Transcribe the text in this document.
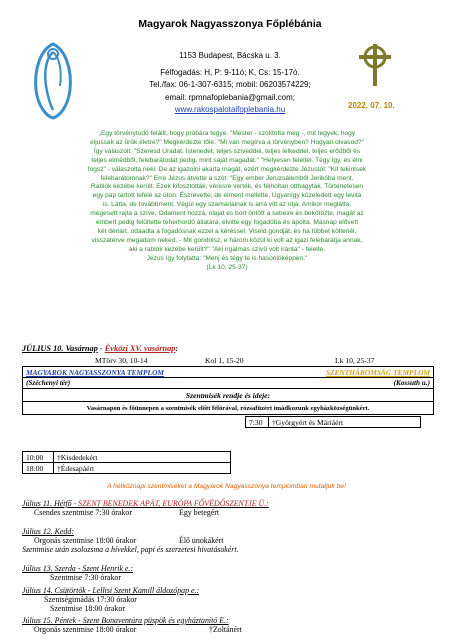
Magyarok Nagyasszonya Főplébánia
1153 Budapest, Bácska u. 3.
Félfogadás: H, P: 9-11ó; K, Cs: 15-17ó.
Tel./fax: 06-1-307-6315; mobil: 06203574229;
email: rpmnafoplebania@gmail.com;
www.rakospalotaifoplebania.hu	2022. 07. 10.
„Egy törvénytudó felállt, hogy próbára tegye. "Mester - szólította meg -, mit tegyek, hogy
eljussak az örök életre?" Megkérdezte tőle: "Mi van megírva a törvényben? Hogyan olvasod?"
Így válaszolt: "Szeresd Uradat, Istenedet, teljes szíveddel, teljes lelkeddel, teljes erődből és
teljes elmédből, felebarátodat pedig, mint saját magadat." "Helyesen feleltél. Tégy így, és élni
fogsz" - válaszolta neki. De az igazolni akarta magát, ezért megkérdezte Jézustól: "Kit tekintsek
felebarátomnak?" Erre Jézus átvette a szót: "Egy ember Jeruzsálemből Jerikóba ment.
Rablók kezébe került. Ezek kifosztották, véresre verték, és félholtan otthagyták. Történetesen
egy pap tartott lefelé az úton. Észrevette, de elment mellette. Ugyanígy közeledett egy levita
is. Látta, de továbbment. Végül egy szamariainak is arra vitt az útja. Amikor meglátta,
megesett rajta a szíve. Odament hozzá, olajat és bort öntött a sebeire és bekötözte, magát az
embert pedig felültette teherhordó állatára, elvitte egy fogadóba és ápolta. Másnap elővett
két dénárt, odaadta a fogadósnak ezzel a kéréssel: Viseld gondját, és ha többet költenél,
visszatérve megadom neked. - Mit gondolsz, e három közül ki volt az igazi felebarátja annak,
aki a rablók kezébe került?" "Aki irgalmas szívű volt iránta" - felelte.
Jézus így folytatta: "Menj és tégy te is hasonlóképpen."
(Lk 10, 25-37)
JÚLIUS 10. Vasárnap - Évközi XV. vasárnap:
MTörv 30, 10-14	Kol 1, 15-20	Lk 10, 25-37
MAGYAROK NAGYASSZONYA TEMPLOM	SZENTHÁROMSÁG TEMPLOM
(Széchenyi tér)	(Kossuth u.)
Szentmisék rendje és ideje:	
Vasárnapon és főünnepen a szentmisék előtt félórával, rózsafüzért imádkozunk egyházközségünkért.	
7:30	†Györgyért és Máriáért
10:00	†Kisdedekért
18:00	†Édesapáért
A hétköznapi szentmiséket a Magyarok Nagyasszonya templomban mutatjuk be!
Július 11. Hétfő - SZENT BENEDEK APÁT, EURÓPA FŐVÉDŐSZENTJE Ü.:
Csendes szentmise 7:30 órakor	Egy betegért
Július 12. Kedd:
Orgonás szentmise 18:00 órakor	Élő unokákért
Szentmise után zsolozsma a hívekkel, papi és szerzetesi hivatásokért.
Július 13. Szerda - Szent Henrik e.:
Szentmise 7:30 órakor
Július 14. Csütörtök - Lellisi Szent Kamill áldozópap e.:
Szentségimádás 17:30 órakor
Szentmise 18:00 órakor
Július 15. Péntek - Szent Bonaventúra püspök és egyháztanító E.:
Orgonás szentmise 18:00 órakor	†Zoltánért
